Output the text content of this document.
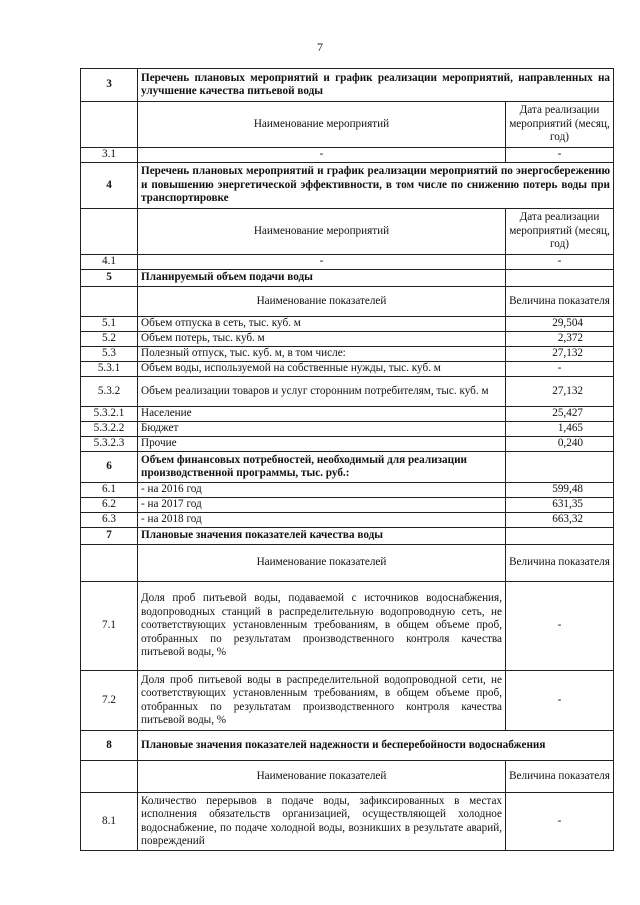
7
3	Перечень плановых мероприятий и график реализации мероприятий, направленных на улучшение качества питьевой воды	
	Наименование мероприятий	Дата реализации мероприятий (месяц, год)
3.1	-	-
4	Перечень плановых мероприятий и график реализации мероприятий по энергосбережению и повышению энергетической эффективности, в том числе по снижению потерь воды при транспортировке	
	Наименование мероприятий	Дата реализации мероприятий (месяц, год)
4.1	-	-
5	Планируемый объем подачи воды	
	Наименование показателей	Величина показателя
5.1	Объем отпуска в сеть, тыс. куб. м	29,504
5.2	Объем потерь, тыс. куб. м	2,372
5.3	Полезный отпуск, тыс. куб. м, в том числе:	27,132
5.3.1	Объем воды, используемой на собственные нужды, тыс. куб. м	-
5.3.2	Объем реализации товаров и услуг сторонним потребителям, тыс. куб. м	27,132
5.3.2.1	Население	25,427
5.3.2.2	Бюджет	1,465
5.3.2.3	Прочие	0,240
6	Объем финансовых потребностей, необходимый для реализации производственной программы, тыс. руб.:	
6.1	- на 2016 год	599,48
6.2	- на 2017 год	631,35
6.3	- на 2018 год	663,32
7	Плановые значения показателей качества воды	
	Наименование показателей	Величина показателя
7.1	Доля проб питьевой воды, подаваемой с источников водоснабжения, водопроводных станций в распределительную водопроводную сеть, не соответствующих установленным требованиям, в общем объеме проб, отобранных по результатам производственного контроля качества питьевой воды, %	-
7.2	Доля проб питьевой воды в распределительной водопроводной сети, не соответствующих установленным требованиям, в общем объеме проб, отобранных по результатам производственного контроля качества питьевой воды, %	-
8	Плановые значения показателей надежности и бесперебойности водоснабжения	
	Наименование показателей	Величина показателя
8.1	Количество перерывов в подаче воды, зафиксированных в местах исполнения обязательств организацией, осуществляющей холодное водоснабжение, по подаче холодной воды, возникших в результате аварий, повреждений	-
